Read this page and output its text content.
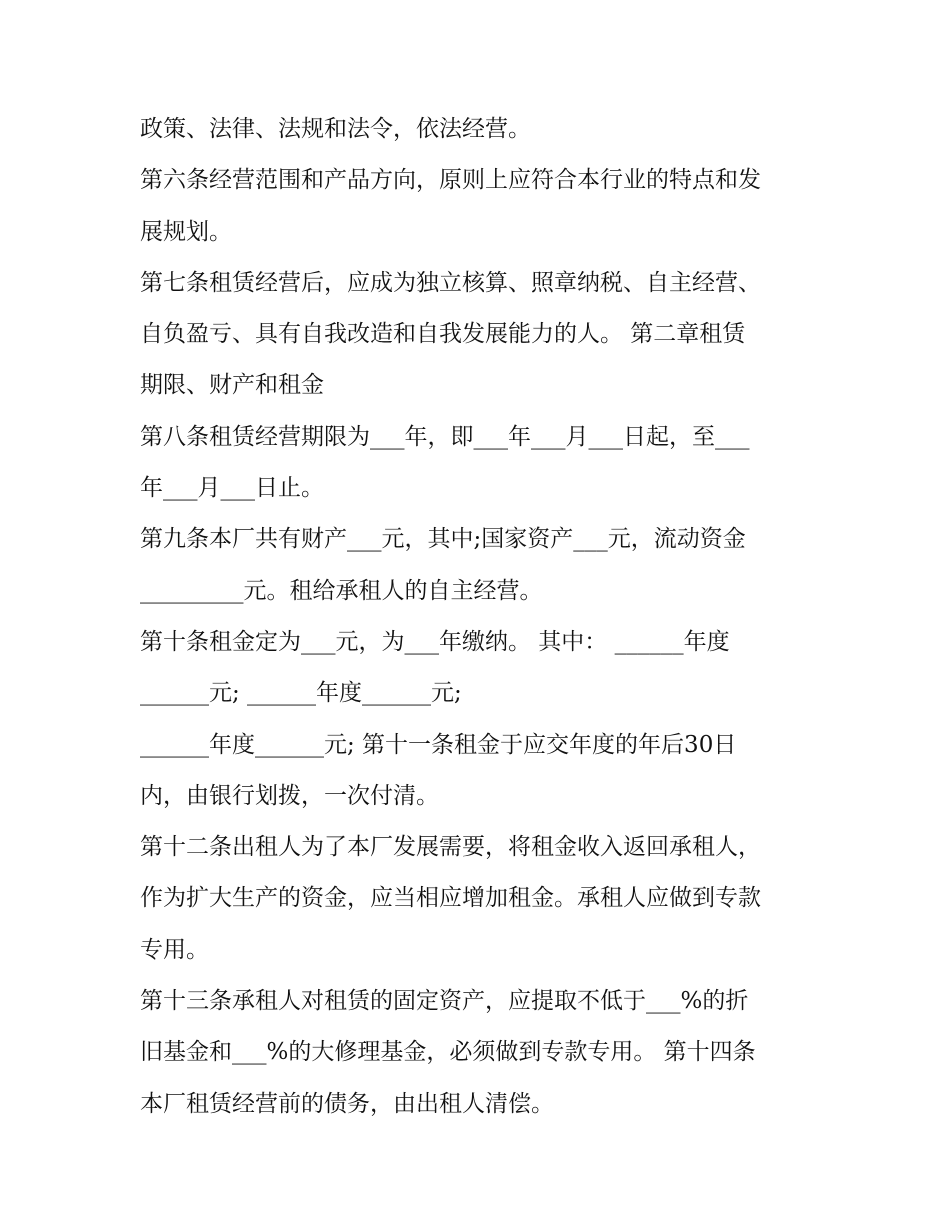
政策、法律、法规和法令，依法经营。
第六条经营范围和产品方向，原则上应符合本行业的特点和发
展规划。
第七条租赁经营后，应成为独立核算、照章纳税、自主经营、
自负盈亏、具有自我改造和自我发展能力的人。 第二章租赁
期限、财产和租金
第八条租赁经营期限为___年，即___年___月___日起，至___
年___月___日止。
第九条本厂共有财产___元，其中;国家资产___元，流动资金
_________元。租给承租人的自主经营。
第十条租金定为___元，为___年缴纳。 其中： ______年度
______元; ______年度______元;
______年度______元; 第十一条租金于应交年度的年后30日
内，由银行划拨，一次付清。
第十二条出租人为了本厂发展需要，将租金收入返回承租人，
作为扩大生产的资金，应当相应增加租金。承租人应做到专款
专用。
第十三条承租人对租赁的固定资产，应提取不低于___%的折
旧基金和___%的大修理基金，必须做到专款专用。 第十四条
本厂租赁经营前的债务，由出租人清偿。
